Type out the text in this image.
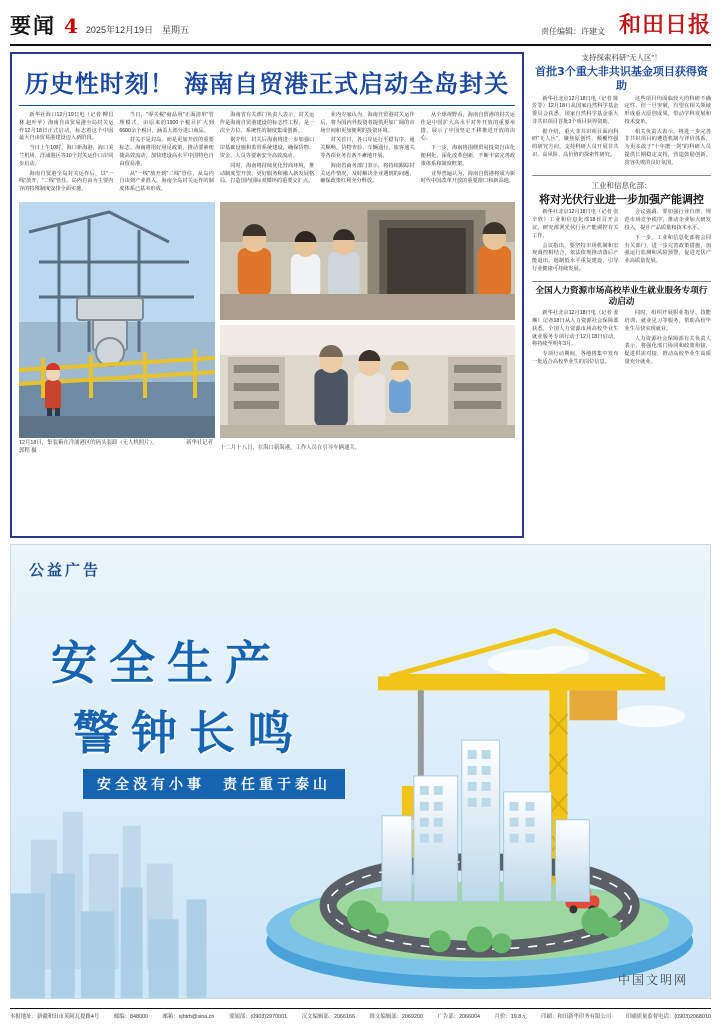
要闻 4 2025年12月19日　星期五	责任编辑：许建文 和田日报
历史性时刻！ 海南自贸港正式启动全岛封关

新华社海口12月19日电（记者 柳昌林 赵叶苹）海南自由贸易港全岛封关运作12月18日正式启动，标志着这个中国最大自由贸易港建设迈入新阶段。

当日上午10时，海口新海港、海口美兰机场、洋浦港区等10个封关运作口岸同步启动。

海南自贸港全岛封关运作后，以"一线"放开、"二线"管住、岛内自由为主要内容的特殊制度安排全面实施。

当日，"零关税"商品用"正面清单"管理模式，由原来的1900个税目扩大到6600余个税目，涵盖大部分进口商品。

封关不是封岛，而是更加开放的重要标志。海南将用好用足政策，推动要素便捷高效流动，加快建设高水平中国特色自由贸易港。

从"一线"放开到"二线"管住，从岛内自由到产业准入，海南全岛封关运作的制度体系已基本形成。

海南省有关部门负责人表示，封关运作是海南自贸港建设的标志性工程，是一次全方位、系统性的制度集成创新。

据介绍，封关后海南将进一步加强口岸基础设施和监管系统建设，确保货物、资金、人员等要素安全高效流动。

同时，海南将持续优化营商环境，推动制度型开放，更好服务和融入新发展格局，打造国内国际双循环的重要交汇点。

业内专家认为，海南自贸港封关运作后，将为国内外投资者提供更加广阔的市场空间和更加便利的投资环境。

封关首日，各口岸运行平稳有序，通关顺畅。货物查验、车辆通行、旅客通关等各项业务有条不紊地开展。

海南省商务部门表示，将持续跟踪封关运作情况，及时解决企业遇到的问题，确保政策红利充分释放。

从全球视野看，海南自贸港的封关运作是中国扩大高水平对外开放的重要举措，展示了中国坚定不移推进开放的决心。

下一步，海南将围绕贸易投资自由化便利化，深化改革创新，不断丰富完善政策体系和制度框架。

业界普遍认为，海南自贸港将成为新时代中国改革开放的重要窗口和新高地。

12月18日，集装箱在洋浦港区的码头装卸（无人机照片）。 　　　　　新华社记者 郭程 摄	十二月十八日，在海口新海港，工作人员在引导车辆通关。
支持探索科研"无人区"！
首批3个重大非共识基金项目获得资助

新华社北京12月18日电（记者 陈芳等）12月18日从国家自然科学基金委员会获悉，国家自然科学基金重大非共识项目首批3个项目获得资助。

据介绍，重大非共识项目面向科研"无人区"，聚焦原创性、颠覆性强的研究方向，支持科研人员开展非共识、高风险、高价值的探索性研究。

这些项目均面临较大的科研不确定性，但一旦突破，有望在相关领域形成重大原创成果，带动学科发展和技术变革。

相关负责人表示，将进一步完善非共识项目的遴选机制与评价体系，为更多敢于"十年磨一剑"的科研人员提供长期稳定支持，营造鼓励创新、宽容失败的良好氛围。

工业和信息化部：
将对光伏行业进一步加强产能调控

新华社北京12月18日电（记者 张辛欣）工业和信息化部18日召开会议，研究部署光伏行业产能调控有关工作。

会议指出，要坚持市场机制和宏观调控相结合，依法依规推动落后产能退出，遏制低水平重复建设，引导行业健康可持续发展。

会议强调，要加强行业自律，规范市场竞争秩序，推动企业加大研发投入，提升产品质量和技术水平。

下一步，工业和信息化部将会同有关部门，进一步完善政策措施，加强运行监测和风险预警，促进光伏产业高质量发展。

全国人力资源市场高校毕业生就业服务专项行动启动

新华社北京12月18日电（记者 姜琳）记者18日从人力资源社会保障部获悉，全国人力资源市场高校毕业生就业服务专项行动于12月18日启动，将持续至明年3月。

专项行动期间，各地将集中发布一批适合高校毕业生的岗位信息。

同时，组织开展职业指导、技能培训、就业见习等服务，帮助高校毕业生尽快实现就业。

人力资源社会保障部有关负责人表示，将强化部门协同和政策衔接，促进供需对接，推动高校毕业生高质量充分就业。

公益广告
安全生产
警钟长鸣
安全没有小事　责任重于泰山
中国文明网
本报地址：新疆和田市英阿瓦提路4号	邮编：848000	邮箱：xjhtrb@sina.cn	要闻部：(0903)2970001	汉文编辑部：2066166	维文编辑部：2069200	广告部：2066004	月价：19.8元	印刷：和田新华印务有限公司	印刷质量监督电话：(0903)2068010
